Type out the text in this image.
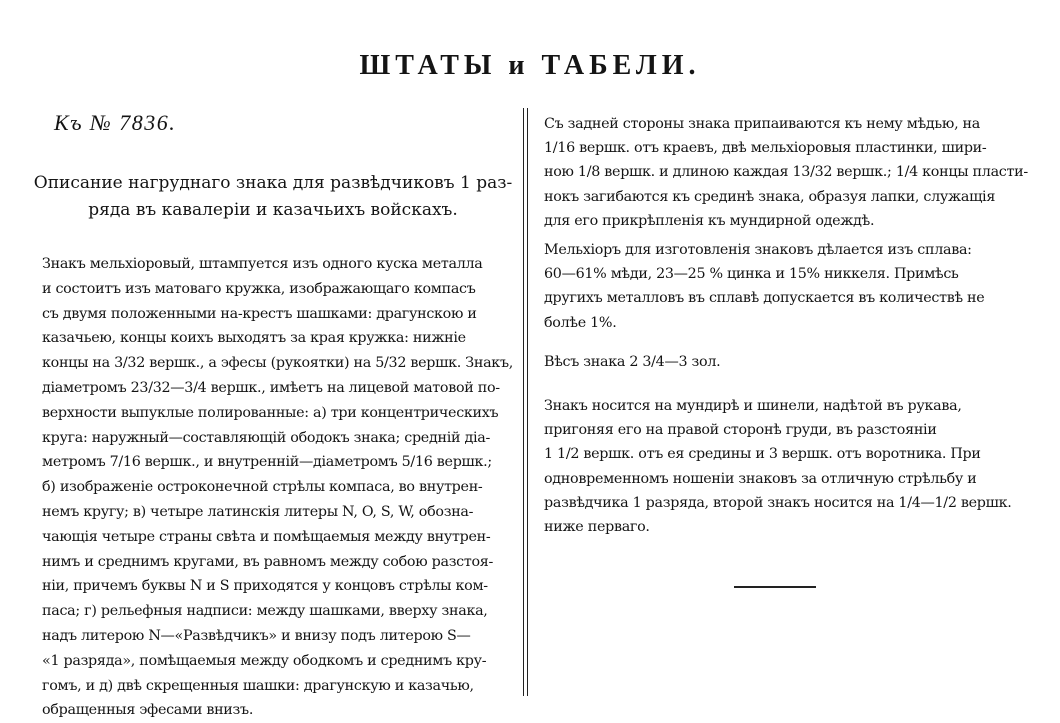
ШТАТЫ и ТАБЕЛИ.

Къ № 7836.

Описание нагруднаго знака для развѣдчиковъ 1 раз-
ряда въ кавалеріи и казачьихъ войскахъ.

Знакъ мельхіоровый, штампуется изъ одного куска металла

и состоитъ изъ матоваго кружка, изображающаго компасъ

съ двумя положенными на-крестъ шашками: драгунскою и

казачьею, концы коихъ выходятъ за края кружка: нижніе

концы на 3/32 вершк., а эфесы (рукоятки) на 5/32 вершк. Знакъ,

діаметромъ 23/32—3/4 вершк., имѣетъ на лицевой матовой по-

верхности выпуклые полированные: а) три концентрическихъ

круга: наружный—составляющій ободокъ знака; средній діа-

метромъ 7/16 вершк., и внутренній—діаметромъ 5/16 вершк.;

б) изображеніе остроконечной стрѣлы компаса, во внутрен-

немъ кругу; в) четыре латинскія литеры N, O, S, W, обозна-

чающія четыре страны свѣта и помѣщаемыя между внутрен-

нимъ и среднимъ кругами, въ равномъ между собою разстоя-

ніи, причемъ буквы N и S приходятся у концовъ стрѣлы ком-

паса; г) рельефныя надписи: между шашками, вверху знака,

надъ литерою N—«Развѣдчикъ» и внизу подъ литерою S—

«1 разряда», помѣщаемыя между ободкомъ и среднимъ кру-

гомъ, и д) двѣ скрещенныя шашки: драгунскую и казачью,

обращенныя эфесами внизъ.

Съ задней стороны знака припаиваются къ нему мѣдью, на

1/16 вершк. отъ краевъ, двѣ мельхіоровыя пластинки, шири-

ною 1/8 вершк. и длиною каждая 13/32 вершк.; 1/4 концы пласти-

нокъ загибаются къ срединѣ знака, образуя лапки, служащія

для его прикрѣпленія къ мундирной одеждѣ.

Мельхіоръ для изготовленія знаковъ дѣлается изъ сплава:

60—61% мѣди, 23—25 % цинка и 15% никкеля. Примѣсь

другихъ металловъ въ сплавѣ допускается въ количествѣ не

болѣе 1%.

Вѣсъ знака 2 3/4—3 зол.

Знакъ носится на мундирѣ и шинели, надѣтой въ рукава,

пригоняя его на правой сторонѣ груди, въ разстояніи

1 1/2 вершк. отъ ея средины и 3 вершк. отъ воротника. При

одновременномъ ношеніи знаковъ за отличную стрѣльбу и

развѣдчика 1 разряда, второй знакъ носится на 1/4—1/2 вершк.

ниже перваго.
